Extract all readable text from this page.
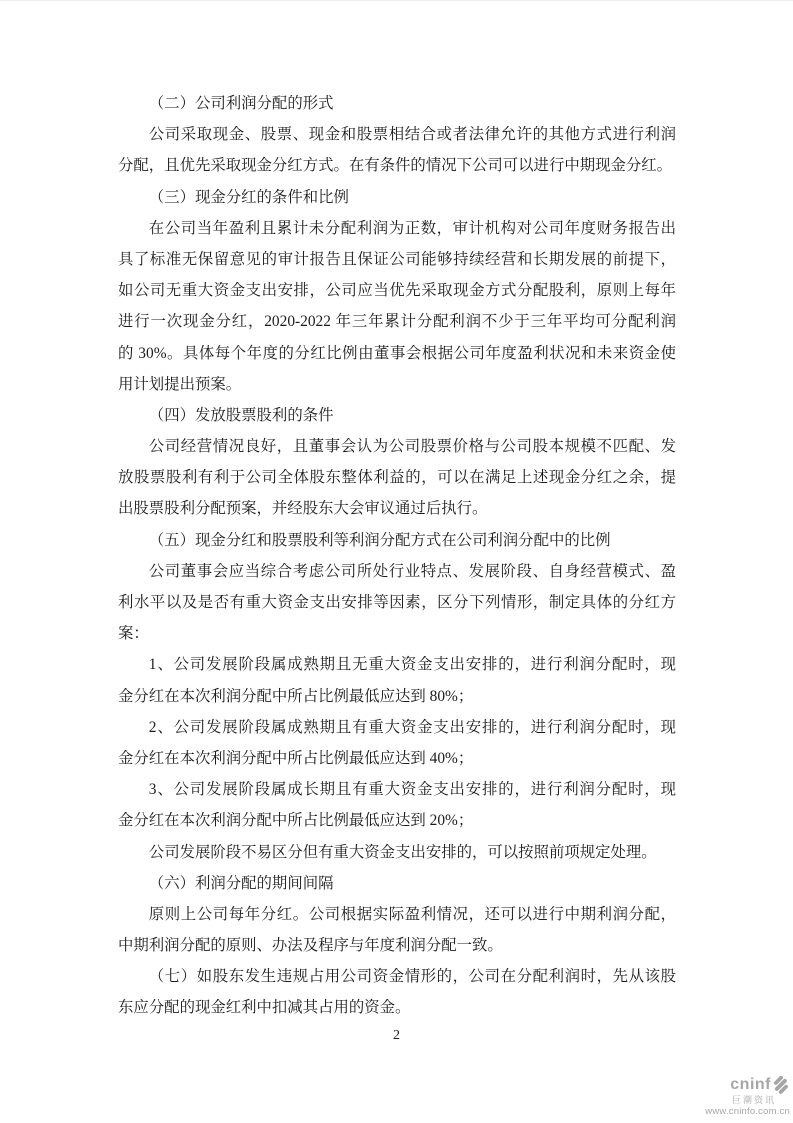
（二）公司利润分配的形式
公司采取现金、股票、现金和股票相结合或者法律允许的其他方式进行利润
分配，且优先采取现金分红方式。在有条件的情况下公司可以进行中期现金分红。
（三）现金分红的条件和比例
在公司当年盈利且累计未分配利润为正数，审计机构对公司年度财务报告出
具了标准无保留意见的审计报告且保证公司能够持续经营和长期发展的前提下，
如公司无重大资金支出安排，公司应当优先采取现金方式分配股利，原则上每年
进行一次现金分红，2020-2022 年三年累计分配利润不少于三年平均可分配利润
的 30%。具体每个年度的分红比例由董事会根据公司年度盈利状况和未来资金使
用计划提出预案。
（四）发放股票股利的条件
公司经营情况良好，且董事会认为公司股票价格与公司股本规模不匹配、发
放股票股利有利于公司全体股东整体利益的，可以在满足上述现金分红之余，提
出股票股利分配预案，并经股东大会审议通过后执行。
（五）现金分红和股票股利等利润分配方式在公司利润分配中的比例
公司董事会应当综合考虑公司所处行业特点、发展阶段、自身经营模式、盈
利水平以及是否有重大资金支出安排等因素，区分下列情形，制定具体的分红方
案：
1、公司发展阶段属成熟期且无重大资金支出安排的，进行利润分配时，现
金分红在本次利润分配中所占比例最低应达到 80%；
2、公司发展阶段属成熟期且有重大资金支出安排的，进行利润分配时，现
金分红在本次利润分配中所占比例最低应达到 40%；
3、公司发展阶段属成长期且有重大资金支出安排的，进行利润分配时，现
金分红在本次利润分配中所占比例最低应达到 20%；
公司发展阶段不易区分但有重大资金支出安排的，可以按照前项规定处理。
（六）利润分配的期间间隔
原则上公司每年分红。公司根据实际盈利情况，还可以进行中期利润分配，
中期利润分配的原则、办法及程序与年度利润分配一致。
（七）如股东发生违规占用公司资金情形的，公司在分配利润时，先从该股
东应分配的现金红利中扣减其占用的资金。
2
cninf
巨潮资讯
www.cninfo.com.cn
